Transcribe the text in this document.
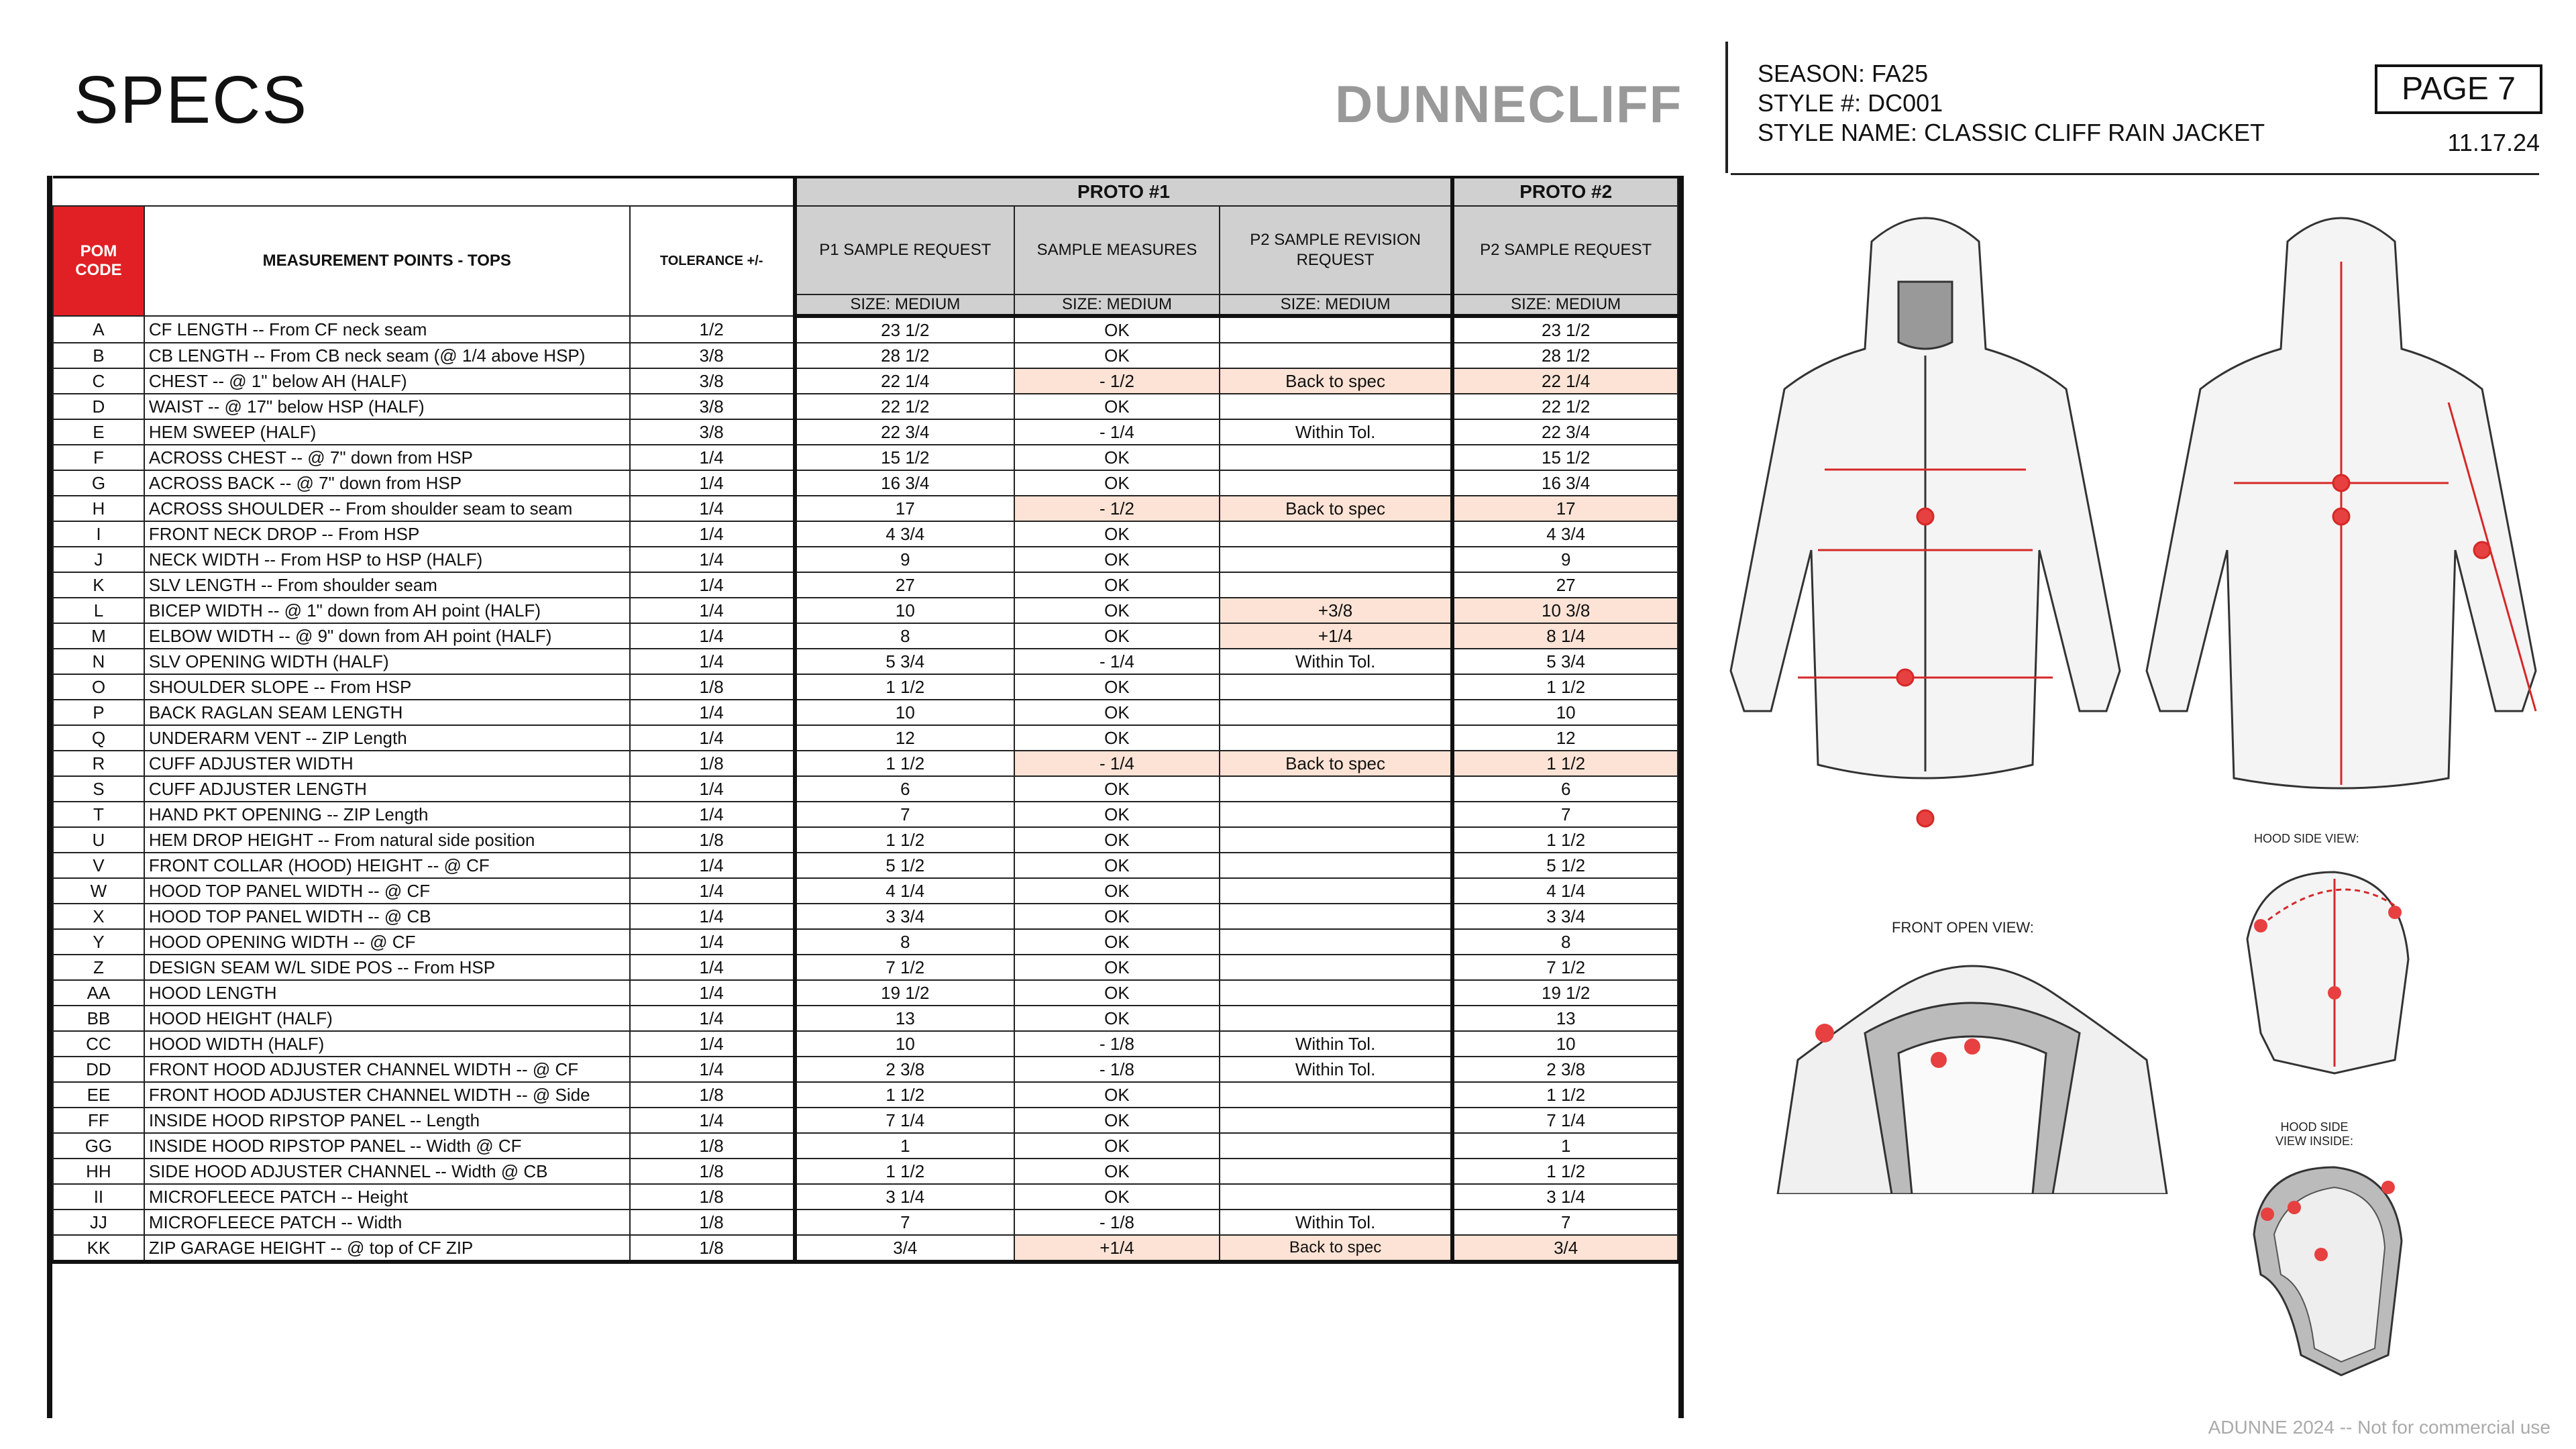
SPECS	DUNNECLIFF
SEASON: FA25
STYLE #: DC001
STYLE NAME: CLASSIC CLIFF RAIN JACKET
PAGE 7
11.17.24
			PROTO #1			PROTO #2
POM CODE	MEASUREMENT POINTS - TOPS	TOLERANCE +/-	P1 SAMPLE REQUEST	SAMPLE MEASURES	P2 SAMPLE REVISION REQUEST	P2 SAMPLE REQUEST
			SIZE: MEDIUM	SIZE: MEDIUM	SIZE: MEDIUM	SIZE: MEDIUM
A	CF LENGTH -- From CF neck seam	1/2	23 1/2	OK		23 1/2
B	CB LENGTH -- From CB neck seam (@ 1/4 above HSP)	3/8	28 1/2	OK		28 1/2
C	CHEST -- @ 1" below AH (HALF)	3/8	22 1/4	- 1/2	Back to spec	22 1/4
D	WAIST -- @ 17" below HSP (HALF)	3/8	22 1/2	OK		22 1/2
E	HEM SWEEP (HALF)	3/8	22 3/4	- 1/4	Within Tol.	22 3/4
F	ACROSS CHEST -- @ 7" down from HSP	1/4	15 1/2	OK		15 1/2
G	ACROSS BACK -- @ 7" down from HSP	1/4	16 3/4	OK		16 3/4
H	ACROSS SHOULDER -- From shoulder seam to seam	1/4	17	- 1/2	Back to spec	17
I	FRONT NECK DROP -- From HSP	1/4	4 3/4	OK		4 3/4
J	NECK WIDTH -- From HSP to HSP (HALF)	1/4	9	OK		9
K	SLV LENGTH -- From shoulder seam	1/4	27	OK		27
L	BICEP WIDTH -- @ 1" down from AH point (HALF)	1/4	10	OK	+3/8	10 3/8
M	ELBOW WIDTH -- @ 9" down from AH point (HALF)	1/4	8	OK	+1/4	8 1/4
N	SLV OPENING WIDTH (HALF)	1/4	5 3/4	- 1/4	Within Tol.	5 3/4
O	SHOULDER SLOPE -- From HSP	1/8	1 1/2	OK		1 1/2
P	BACK RAGLAN SEAM LENGTH	1/4	10	OK		10
Q	UNDERARM VENT -- ZIP Length	1/4	12	OK		12
R	CUFF ADJUSTER WIDTH	1/8	1 1/2	- 1/4	Back to spec	1 1/2
S	CUFF ADJUSTER LENGTH	1/4	6	OK		6
T	HAND PKT OPENING -- ZIP Length	1/4	7	OK		7
U	HEM DROP HEIGHT -- From natural side position	1/8	1 1/2	OK		1 1/2
V	FRONT COLLAR (HOOD) HEIGHT -- @ CF	1/4	5 1/2	OK		5 1/2
W	HOOD TOP PANEL WIDTH -- @ CF	1/4	4 1/4	OK		4 1/4
X	HOOD TOP PANEL WIDTH -- @ CB	1/4	3 3/4	OK		3 3/4
Y	HOOD OPENING WIDTH -- @ CF	1/4	8	OK		8
Z	DESIGN SEAM W/L SIDE POS -- From HSP	1/4	7 1/2	OK		7 1/2
AA	HOOD LENGTH	1/4	19 1/2	OK		19 1/2
BB	HOOD HEIGHT (HALF)	1/4	13	OK		13
CC	HOOD WIDTH (HALF)	1/4	10	- 1/8	Within Tol.	10
DD	FRONT HOOD ADJUSTER CHANNEL WIDTH -- @ CF	1/4	2 3/8	- 1/8	Within Tol.	2 3/8
EE	FRONT HOOD ADJUSTER CHANNEL WIDTH -- @ Side	1/8	1 1/2	OK		1 1/2
FF	INSIDE HOOD RIPSTOP PANEL -- Length	1/4	7 1/4	OK		7 1/4
GG	INSIDE HOOD RIPSTOP PANEL -- Width @ CF	1/8	1	OK		1
HH	SIDE HOOD ADJUSTER CHANNEL -- Width @ CB	1/8	1 1/2	OK		1 1/2
II	MICROFLEECE PATCH -- Height	1/8	3 1/4	OK		3 1/4
JJ	MICROFLEECE PATCH -- Width	1/8	7	- 1/8	Within Tol.	7
KK	ZIP GARAGE HEIGHT -- @ top of CF ZIP	1/8	3/4	+1/4	Back to spec	3/4
FRONT OPEN VIEW:
HOOD SIDE VIEW:
HOOD SIDE VIEW INSIDE:
ADUNNE 2024 -- Not for commercial use
